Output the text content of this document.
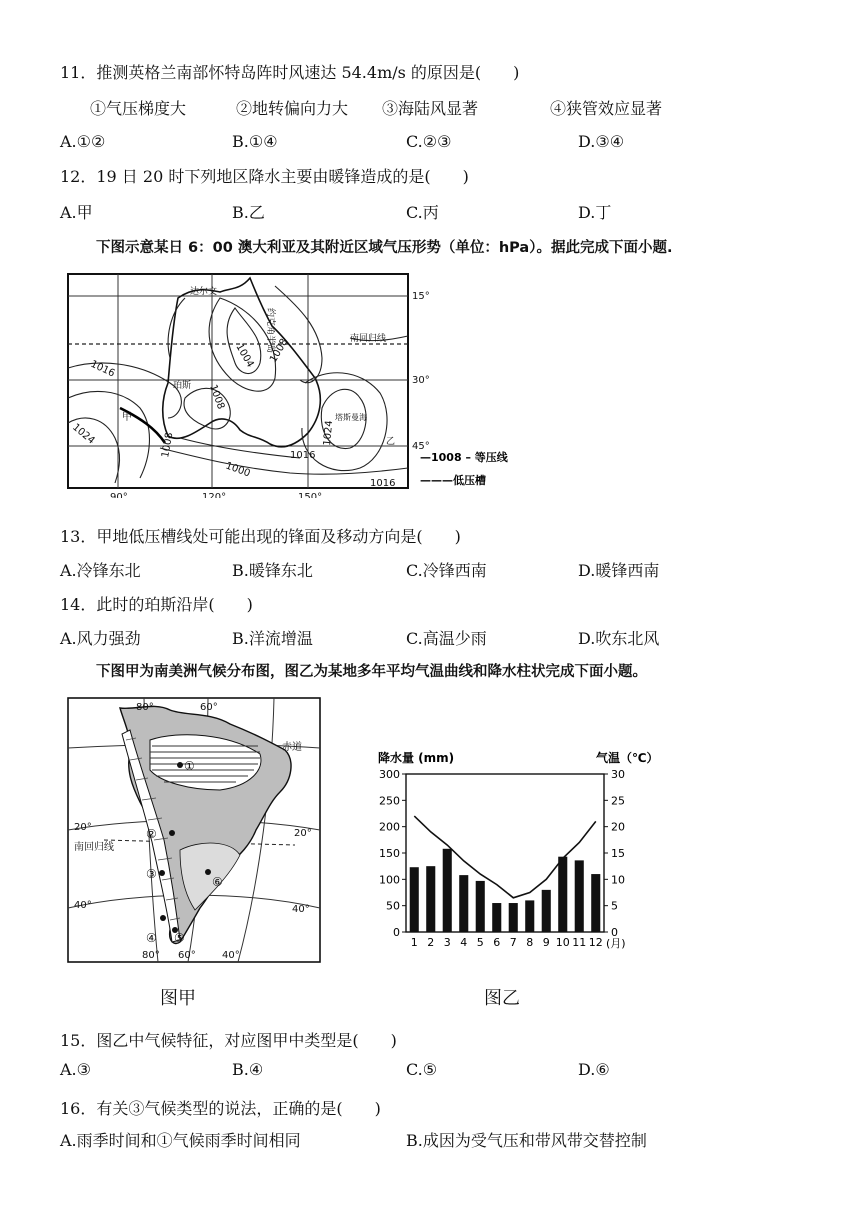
11．推测英格兰南部怀特岛阵时风速达 54.4m/s 的原因是(　　)
①气压梯度大	②地转偏向力大 ③海陆风显著	④狭管效应显著
A.①②	B.①④	C.②③	D.③④
12．19 日 20 时下列地区降水主要由暖锋造成的是(　　)
A.甲	B.乙	C.丙	D.丁
下图示意某日 6：00 澳大利亚及其附近区域气压形势（单位：hPa）。据此完成下面小题.
15°
30°
45°
90°	120°	150°
1004 1008
1016
1024
1008
1016
1008
1000
1024
1016
达尔文
约克角半岛	南回归线
珀斯
塔斯曼海
甲
乙
—1008 – 等压线
———低压槽
13．甲地低压槽线处可能出现的锋面及移动方向是(　　)
A.冷锋东北	B.暖锋东北	C.冷锋西南	D.暖锋西南
14．此时的珀斯沿岸(　　)
A.风力强劲	B.洋流增温	C.高温少雨	D.吹东北风
下图甲为南美洲气候分布图，图乙为某地多年平均气温曲线和降水柱状完成下面小题。
①
②
③
④ ⑤
⑥
80°	60°
80° 60°	40°
20°
20°
40°	40°
赤道
南回归线
图甲
降水量 (mm)	气温（℃）
300
250
200
150
100
50
0
30
25
20
15
10
5
0
1 2 3 4 5 6 7 8 9 10 11 12 (月)
图乙
15．图乙中气候特征，对应图甲中类型是(　　)
A.③	B.④	C.⑤	D.⑥
16．有关③气候类型的说法，正确的是(　　)
A.雨季时间和①气候雨季时间相同	B.成因为受气压和带风带交替控制
